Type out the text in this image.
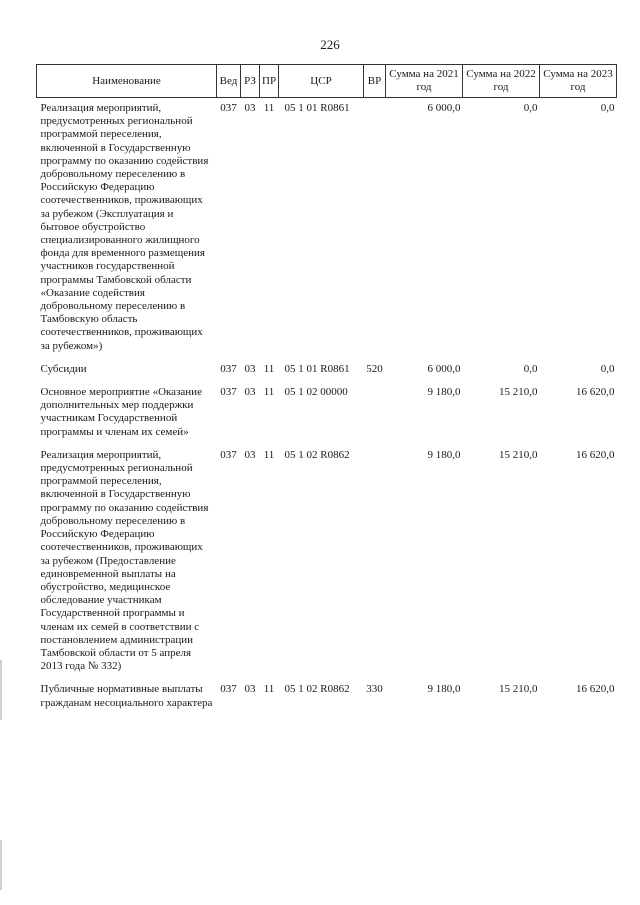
226
Наименование	Вед	РЗ	ПР	ЦСР	ВР	Сумма на 2021 год	Сумма на 2022 год	Сумма на 2023 год
Реализация мероприятий, предусмотренных региональной программой переселения, включенной в Государственную программу по оказанию содействия добровольному переселению в Российскую Федерацию соотечественников, проживающих за рубежом (Эксплуатация и бытовое обустройство специализированного жилищного фонда для временного размещения участников государственной программы Тамбовской области «Оказание содействия добровольному переселению в Тамбовскую область соотечественников, проживающих за рубежом»)	037	03	11	05 1 01 R0861		6 000,0	0,0	0,0
Субсидии	037	03	11	05 1 01 R0861	520	6 000,0	0,0	0,0
Основное мероприятие «Оказание дополнительных мер поддержки участникам Государственной программы и членам их семей»	037	03	11	05 1 02 00000		9 180,0	15 210,0	16 620,0
Реализация мероприятий, предусмотренных региональной программой переселения, включенной в Государственную программу по оказанию содействия добровольному переселению в Российскую Федерацию соотечественников, проживающих за рубежом (Предоставление единовременной выплаты на обустройство, медицинское обследование участникам Государственной программы и членам их семей в соответствии с постановлением администрации Тамбовской области от 5 апреля 2013 года № 332)	037	03	11	05 1 02 R0862		9 180,0	15 210,0	16 620,0
Публичные нормативные выплаты гражданам несоциального характера	037	03	11	05 1 02 R0862	330	9 180,0	15 210,0	16 620,0
